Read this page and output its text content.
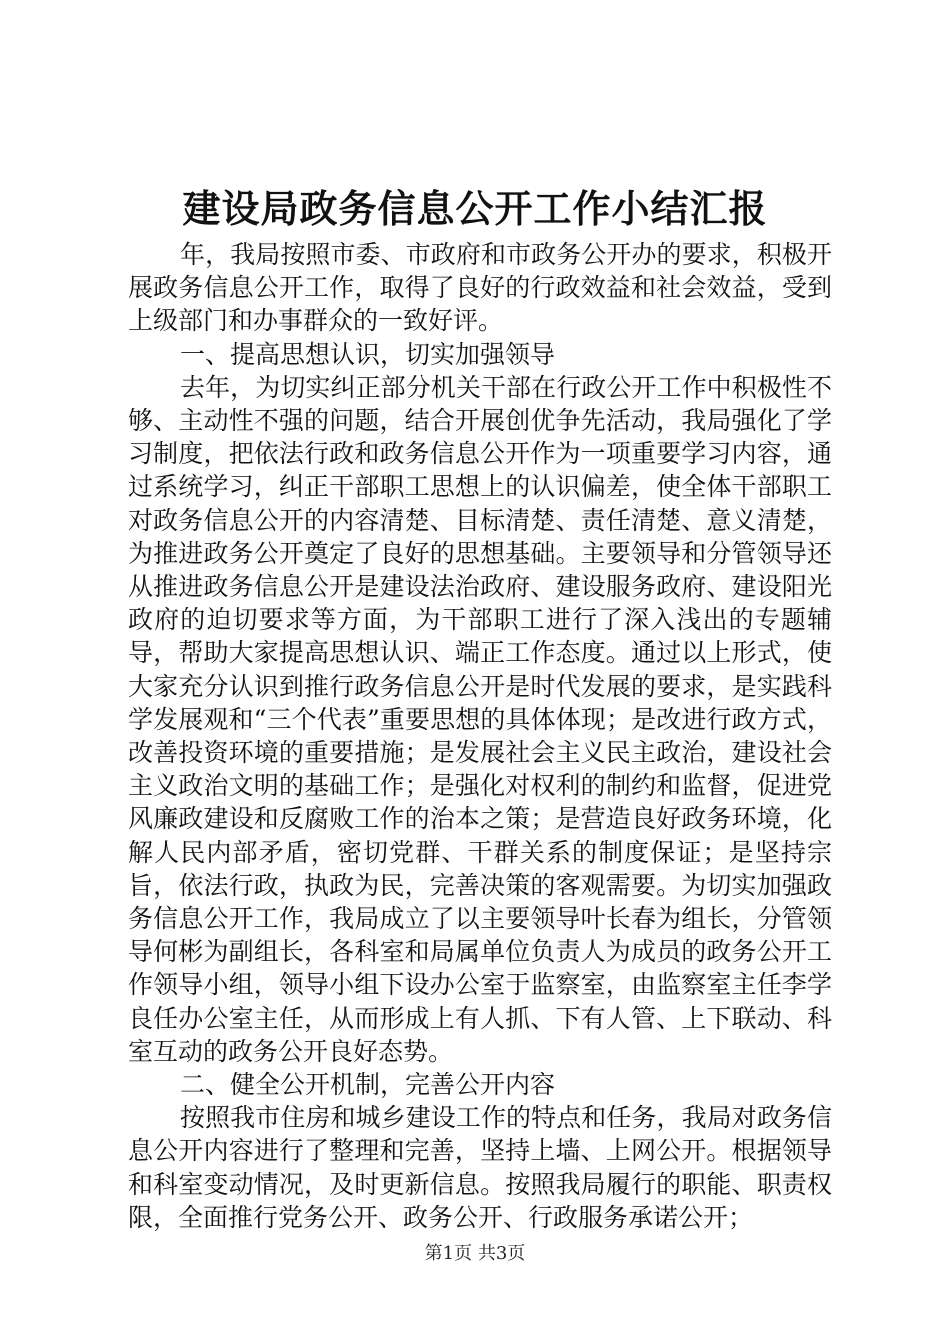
建设局政务信息公开工作小结汇报

年，我局按照市委、市政府和市政务公开办的要求，积极开展政务信息公开工作，取得了良好的行政效益和社会效益，受到上级部门和办事群众的一致好评。

一、提高思想认识，切实加强领导

去年，为切实纠正部分机关干部在行政公开工作中积极性不够、主动性不强的问题，结合开展创优争先活动，我局强化了学习制度，把依法行政和政务信息公开作为一项重要学习内容，通过系统学习，纠正干部职工思想上的认识偏差，使全体干部职工对政务信息公开的内容清楚、目标清楚、责任清楚、意义清楚，为推进政务公开奠定了良好的思想基础。主要领导和分管领导还从推进政务信息公开是建设法治政府、建设服务政府、建设阳光政府的迫切要求等方面，为干部职工进行了深入浅出的专题辅导，帮助大家提高思想认识、端正工作态度。通过以上形式，使大家充分认识到推行政务信息公开是时代发展的要求，是实践科学发展观和“三个代表”重要思想的具体体现；是改进行政方式，改善投资环境的重要措施；是发展社会主义民主政治，建设社会主义政治文明的基础工作；是强化对权利的制约和监督，促进党风廉政建设和反腐败工作的治本之策；是营造良好政务环境，化解人民内部矛盾，密切党群、干群关系的制度保证；是坚持宗旨，依法行政，执政为民，完善决策的客观需要。为切实加强政务信息公开工作，我局成立了以主要领导叶长春为组长，分管领导何彬为副组长，各科室和局属单位负责人为成员的政务公开工作领导小组，领导小组下设办公室于监察室，由监察室主任李学良任办公室主任，从而形成上有人抓、下有人管、上下联动、科室互动的政务公开良好态势。

二、健全公开机制，完善公开内容

按照我市住房和城乡建设工作的特点和任务，我局对政务信息公开内容进行了整理和完善，坚持上墙、上网公开。根据领导和科室变动情况，及时更新信息。按照我局履行的职能、职责权限，全面推行党务公开、政务公开、行政服务承诺公开；

第1页 共3页
